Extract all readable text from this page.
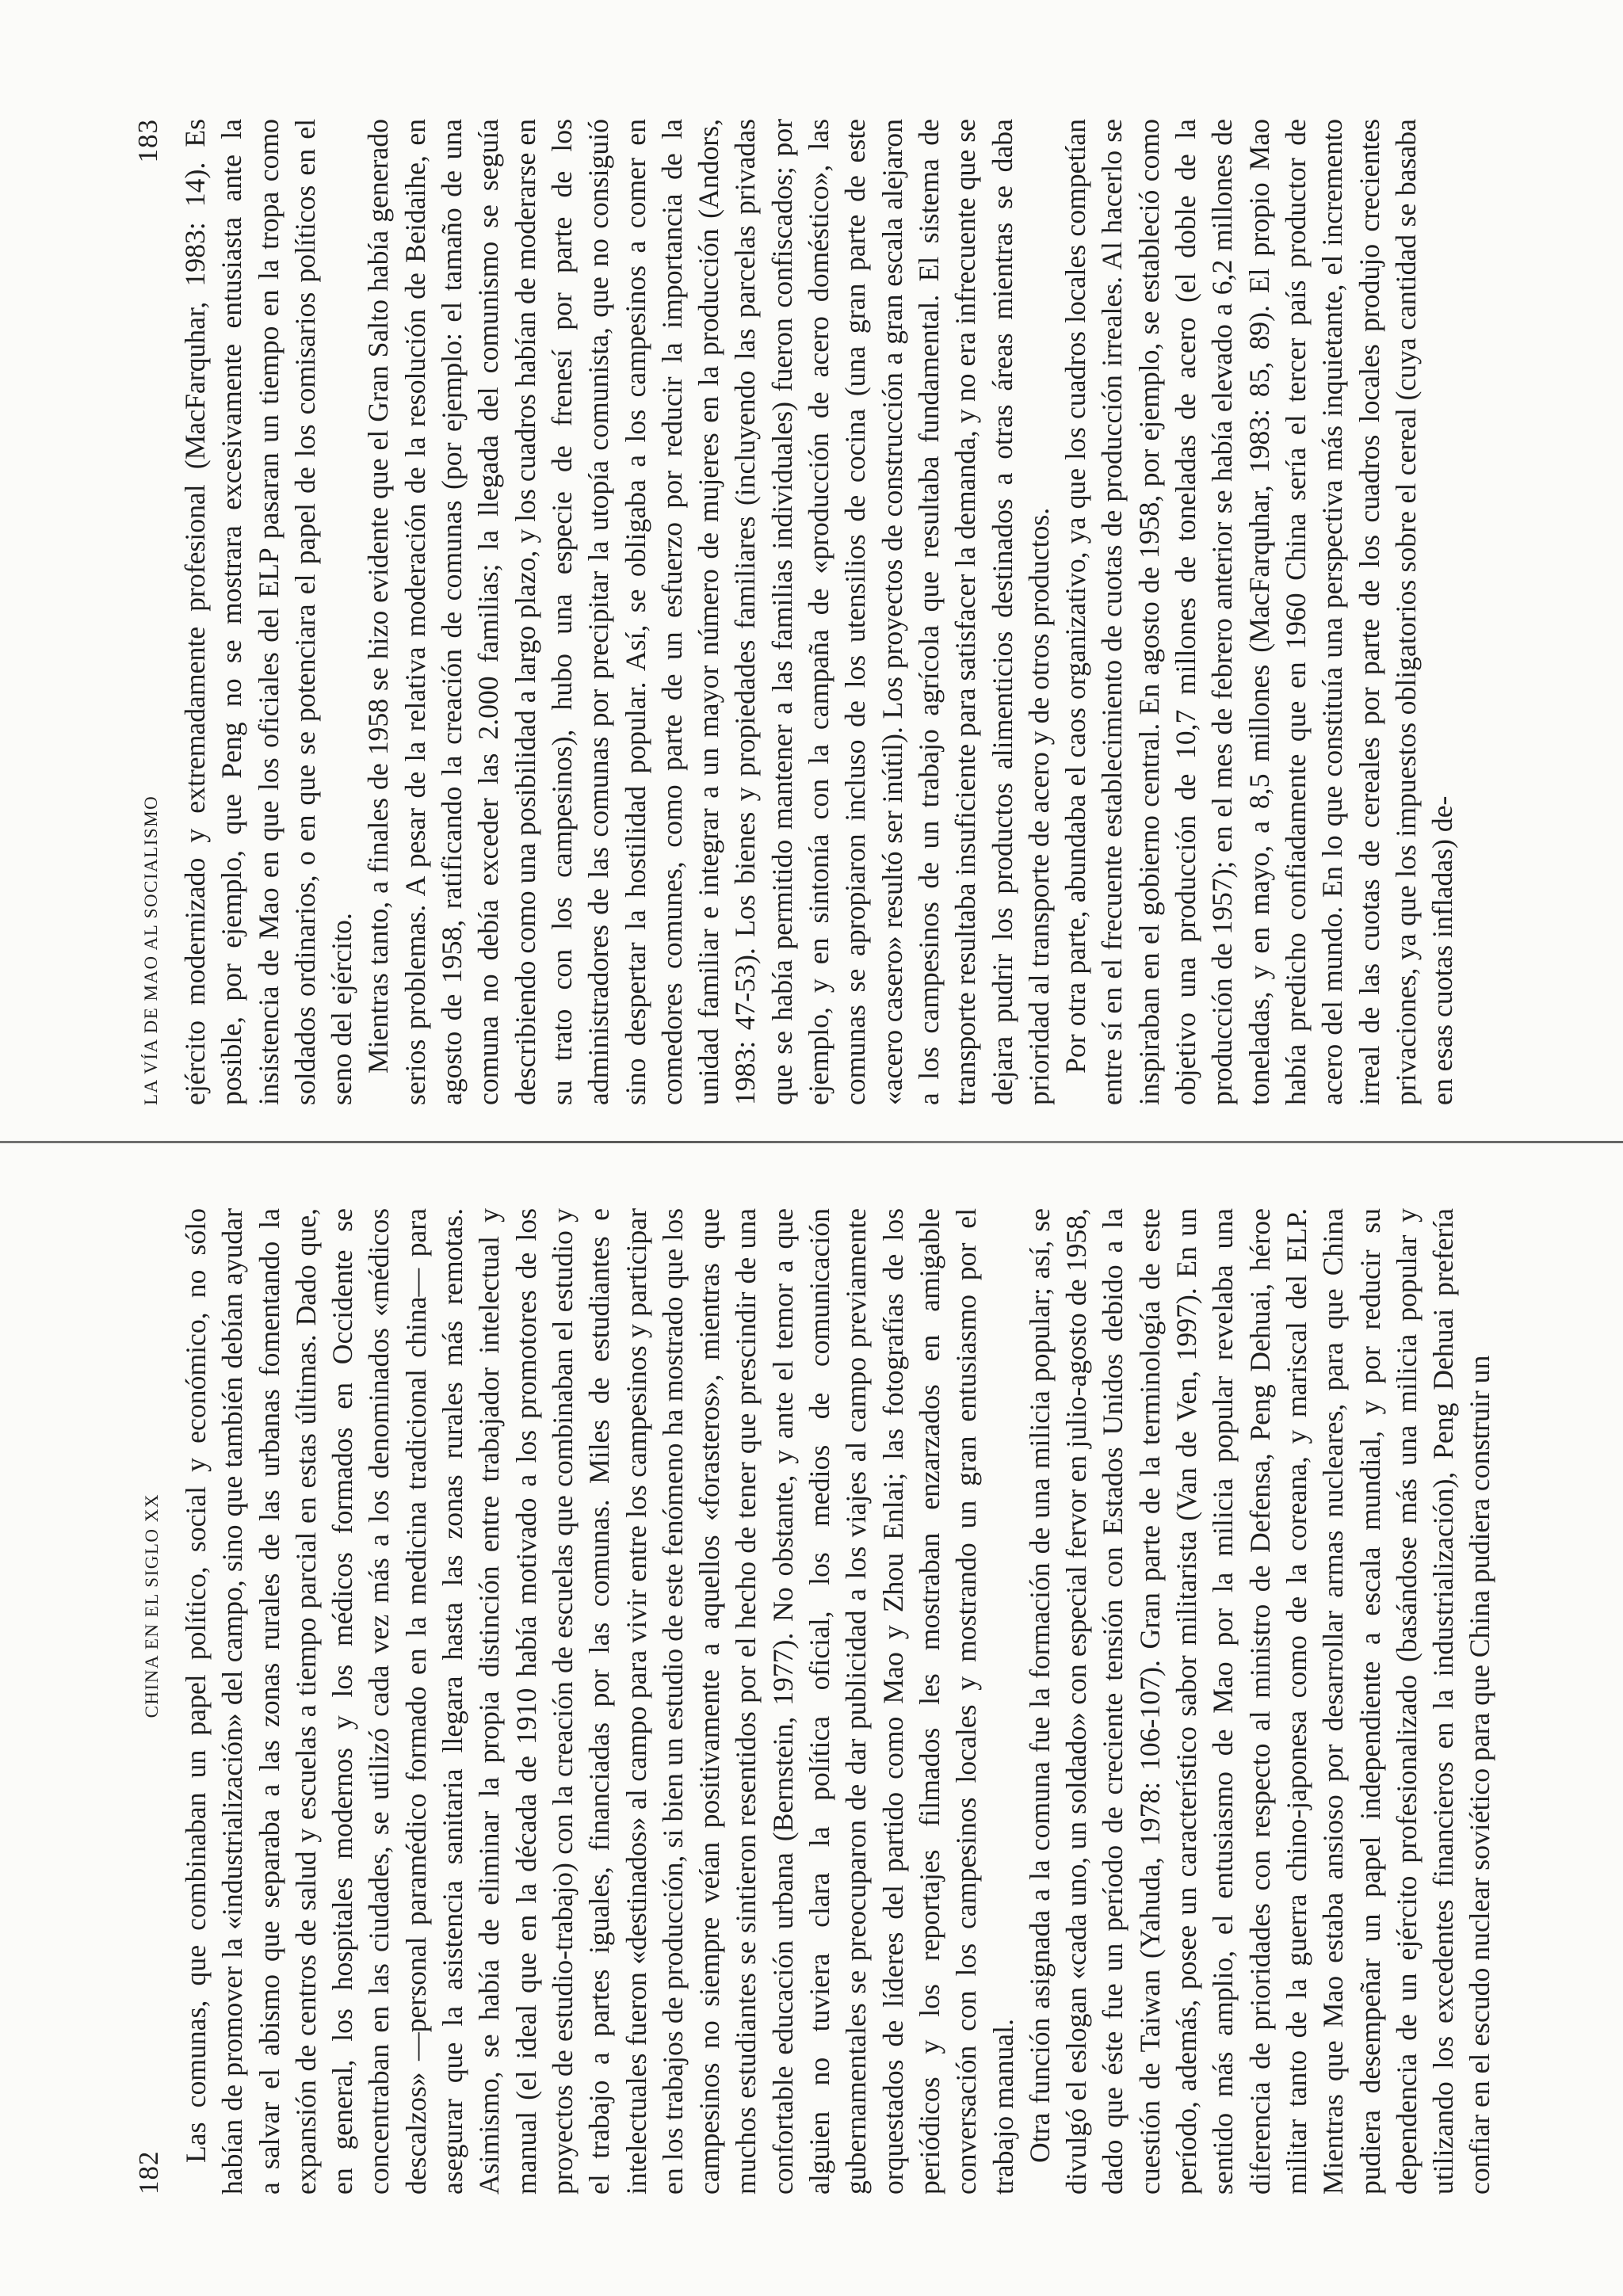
LA VÍA DE MAO AL SOCIALISMO
183 ejército modernizado y extremadamente profesional (MacFarquhar, 1983: 14). Es posible, por ejemplo, que Peng no se mostrara excesivamente entusiasta ante la insistencia de Mao en que los oficiales del ELP pasaran un tiempo en la tropa como soldados ordinarios, o en que se potenciara el papel de los comisarios políticos en el seno del ejército. Mientras tanto, a finales de 1958 se hizo evidente que el Gran Salto había generado serios problemas. A pesar de la relativa moderación de la resolución de Beidaihe, en agosto de 1958, ratificando la creación de comunas (por ejemplo: el tamaño de una comuna no debía exceder las 2.000 familias; la llegada del comunismo se seguía describiendo como una posibilidad a largo plazo, y los cuadros habían de moderarse en su trato con los campesinos), hubo una especie de frenesí por parte de los administradores de las comunas por precipitar la utopía comunista, que no consiguió sino despertar la hostilidad popular. Así, se obligaba a los campesinos a comer en comedores comunes, como parte de un esfuerzo por reducir la importancia de la unidad familiar e integrar a un mayor número de mujeres en la producción (Andors, 1983: 47-53). Los bienes y propiedades familiares (incluyendo las parcelas privadas que se había permitido mantener a las familias individuales) fueron confiscados; por ejemplo, y en sintonía con la campaña de «producción de acero doméstico», las comunas se apropiaron incluso de los utensilios de cocina (una gran parte de este «acero casero» resultó ser inútil). Los proyectos de construcción a gran escala alejaron a los campesinos de un trabajo agrícola que resultaba fundamental. El sistema de transporte resultaba insuficiente para satisfacer la demanda, y no era infrecuente que se dejara pudrir los productos alimenticios destinados a otras áreas mientras se daba prioridad al transporte de acero y de otros productos. Por otra parte, abundaba el caos organizativo, ya que los cuadros locales competían entre sí en el frecuente establecimiento de cuotas de producción irreales. Al hacerlo se inspiraban en el gobierno central. En agosto de 1958, por ejemplo, se estableció como objetivo una producción de 10,7 millones de toneladas de acero (el doble de la producción de 1957); en el mes de febrero anterior se había elevado a 6,2 millones de toneladas, y en mayo, a 8,5 millones (MacFarquhar, 1983: 85, 89). El propio Mao había predicho confiadamente que en 1960 China sería el tercer país productor de acero del mundo. En lo que constituía una perspectiva más inquietante, el incremento irreal de las cuotas de cereales por parte de los cuadros locales produjo crecientes privaciones, ya que los impuestos obligatorios sobre el cereal (cuya cantidad se basaba en esas cuotas infladas) de-

182
CHINA EN EL SIGLO XX Las comunas, que combinaban un papel político, social y económico, no sólo habían de promover la «industrialización» del campo, sino que también debían ayudar a salvar el abismo que separaba a las zonas rurales de las urbanas fomentando la expansión de centros de salud y escuelas a tiempo parcial en estas últimas. Dado que, en general, los hospitales modernos y los médicos formados en Occidente se concentraban en las ciudades, se utilizó cada vez más a los denominados «médicos descalzos» —personal paramédico formado en la medicina tradicional china— para asegurar que la asistencia sanitaria llegara hasta las zonas rurales más remotas. Asimismo, se había de eliminar la propia distinción entre trabajador intelectual y manual (el ideal que en la década de 1910 había motivado a los promotores de los proyectos de estudio-trabajo) con la creación de escuelas que combinaban el estudio y el trabajo a partes iguales, financiadas por las comunas. Miles de estudiantes e intelectuales fueron «destinados» al campo para vivir entre los campesinos y participar en los trabajos de producción, si bien un estudio de este fenómeno ha mostrado que los campesinos no siempre veían positivamente a aquellos «forasteros», mientras que muchos estudiantes se sintieron resentidos por el hecho de tener que prescindir de una confortable educación urbana (Bernstein, 1977). No obstante, y ante el temor a que alguien no tuviera clara la política oficial, los medios de comunicación gubernamentales se preocuparon de dar publicidad a los viajes al campo previamente orquestados de líderes del partido como Mao y Zhou Enlai; las fotografías de los periódicos y los reportajes filmados les mostraban enzarzados en amigable conversación con los campesinos locales y mostrando un gran entusiasmo por el trabajo manual. Otra función asignada a la comuna fue la formación de una milicia popular; así, se divulgó el eslogan «cada uno, un soldado» con especial fervor en julio-agosto de 1958, dado que éste fue un período de creciente tensión con Estados Unidos debido a la cuestión de Taiwan (Yahuda, 1978: 106-107). Gran parte de la terminología de este período, además, posee un característico sabor militarista (Van de Ven, 1997). En un sentido más amplio, el entusiasmo de Mao por la milicia popular revelaba una diferencia de prioridades con respecto al ministro de Defensa, Peng Dehuai, héroe militar tanto de la guerra chino-japonesa como de la coreana, y mariscal del ELP. Mientras que Mao estaba ansioso por desarrollar armas nucleares, para que China pudiera desempeñar un papel independiente a escala mundial, y por reducir su dependencia de un ejército profesionalizado (basándose más una milicia popular y utilizando los excedentes financieros en la industrialización), Peng Dehuai prefería confiar en el escudo nuclear soviético para que China pudiera construir un
